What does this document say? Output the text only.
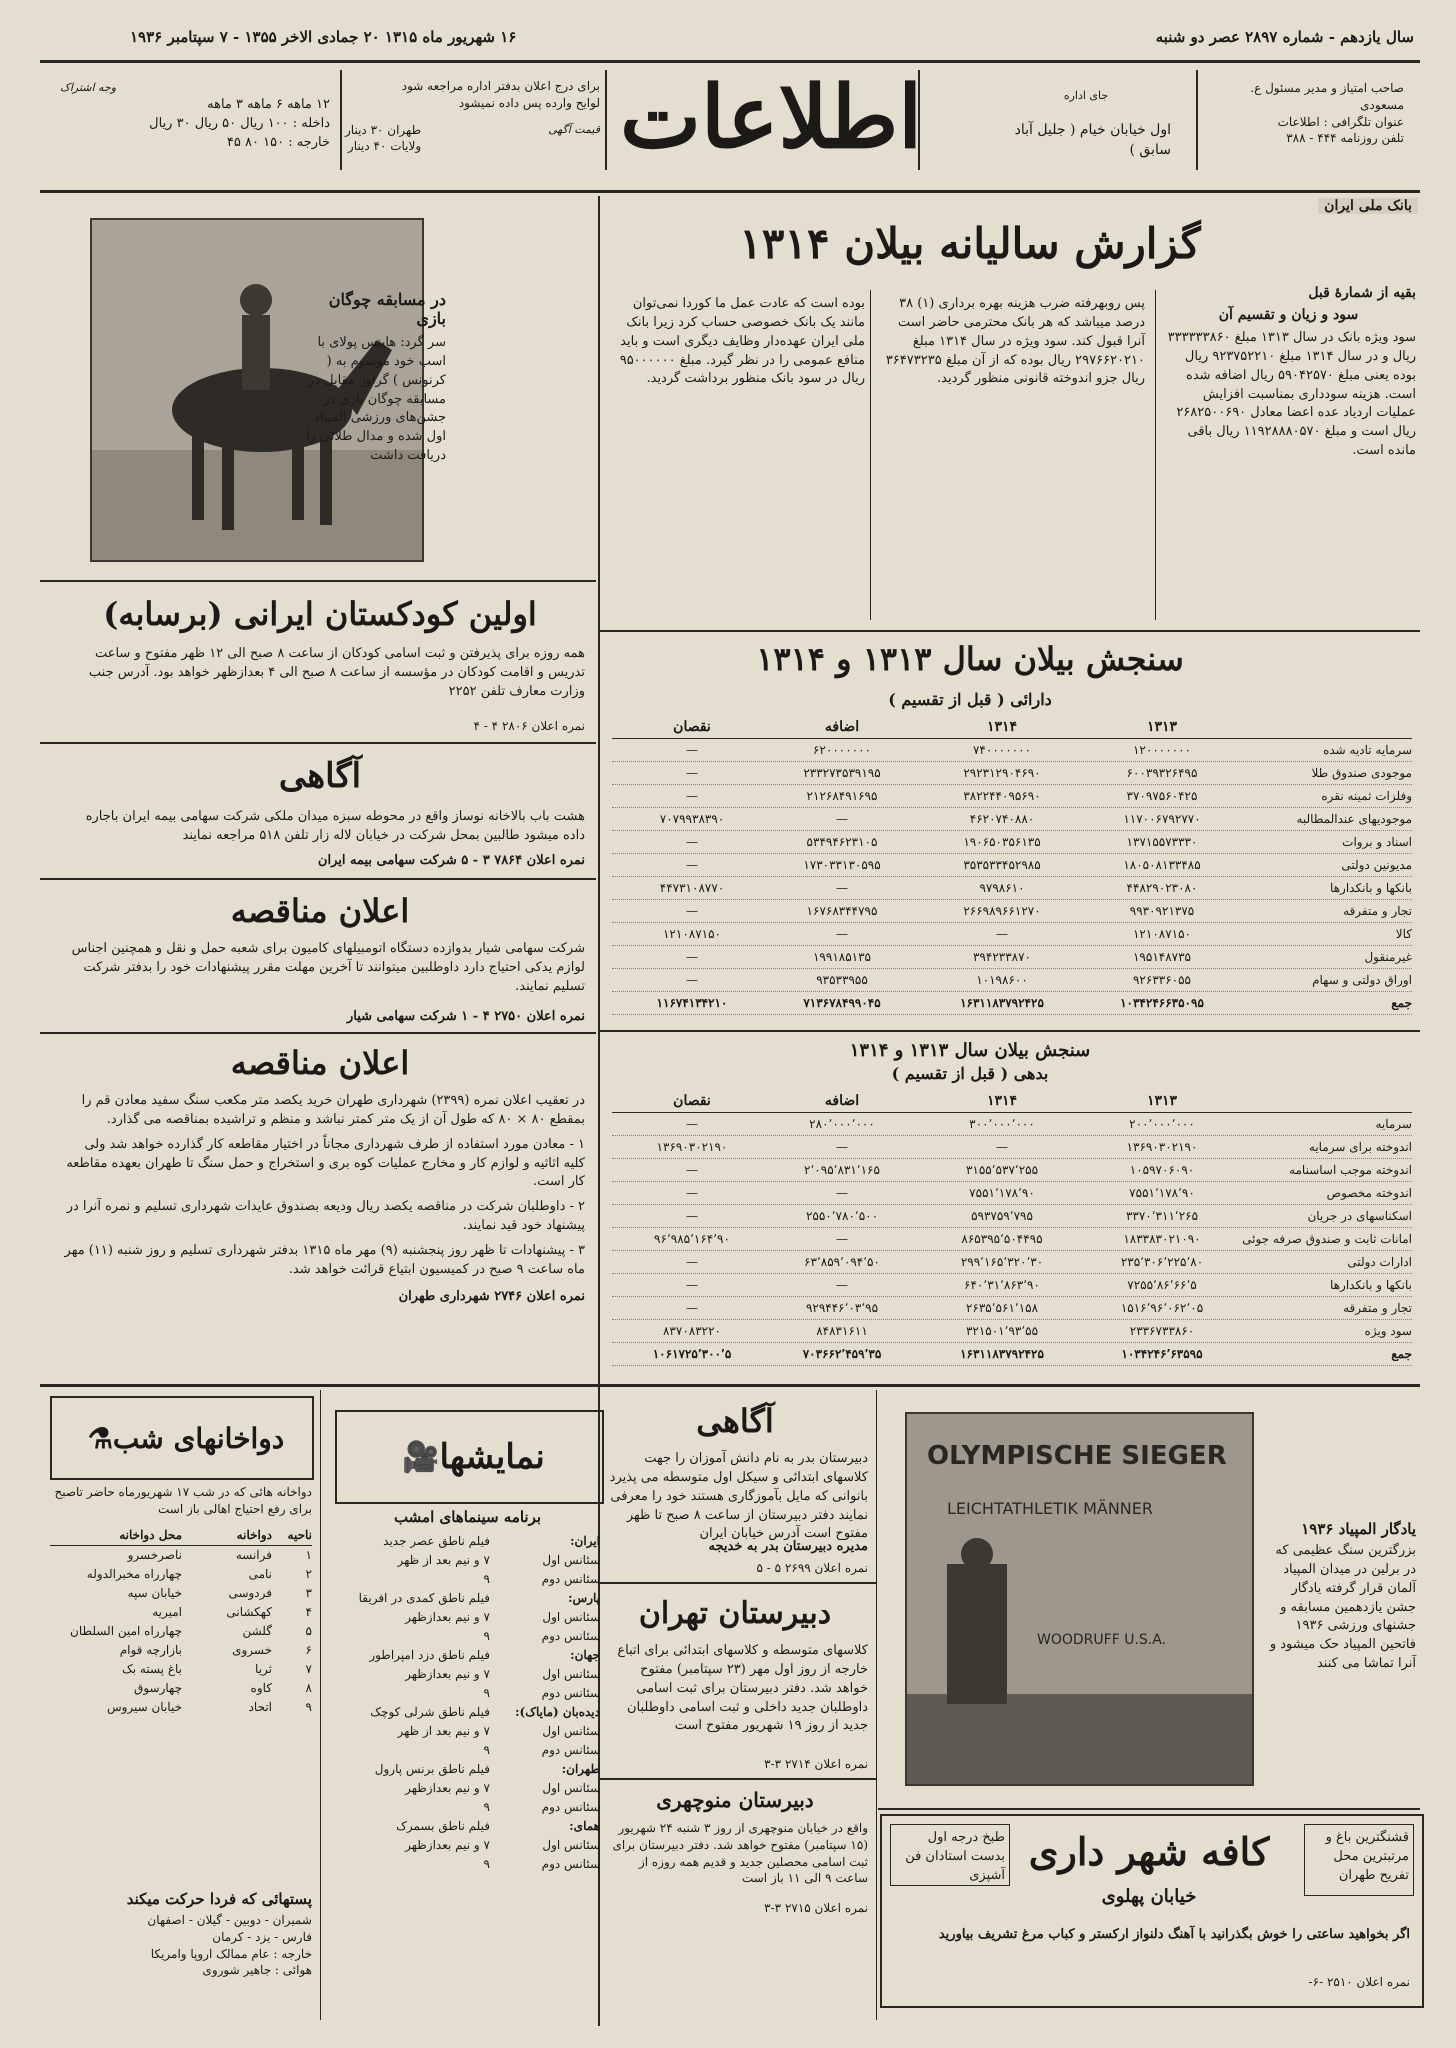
سال یازدهم - شماره ۲۸۹۷ عصر دو شنبه
۱۶ شهریور ماه ۱۳۱۵ ۲۰ جمادی الاخر ۱۳۵۵ - ۷ سپتامبر ۱۹۳۶
صاحب امتیاز و مدیر مسئول ع. مسعودی
عنوان تلگرافی : اطلاعات
تلفن روزنامه ۴۴۴ - ۳۸۸
جای اداره
اول خیابان خیام ( جلیل آباد سابق )
اطلاعات
برای درج اعلان بدفتر اداره مراجعه شود
لوایح وارده پس داده نمیشود
قیمت آگهی
طهران ۳۰ دینار
ولایات ۴۰ دینار
وجه اشتراک
۱۲ ماهه ۶ ماهه ۳ ماهه
داخله : ۱۰۰ ریال ۵۰ ریال ۳۰ ریال
خارجه : ۱۵۰ ۸۰ ۴۵
بانک ملی ایران
گزارش سالیانه بیلان ۱۳۱۴
بقیه از شمارهٔ قبل
سود و زیان و تقسیم آن
سود ویژه بانک در سال ۱۳۱۳ مبلغ ۳۳۳۳۳۳۸۶۰ ریال و در سال ۱۳۱۴ مبلغ ۹۲۳۷۵۲۲۱۰ ریال بوده یعنی مبلغ ۵۹۰۴۲۵۷۰ ریال اضافه شده است. هزینه سودداری بمناسبت افزایش عملیات اردیاد عده اعضا معادل ۲۶۸۲۵۰۰۶۹۰ ریال است و مبلغ ۱۱۹۲۸۸۸۰۵۷۰ ریال باقی مانده است.
پس روبهرفته ضرب هزینه بهره برداری (۱) ۳۸ درصد میباشد که هر بانک محترمی حاضر است آنرا قبول کند. سود ویژه در سال ۱۳۱۴ مبلغ ۲۹۷۶۶۲۰۲۱۰ ریال بوده که از آن مبلغ ۳۶۴۷۳۲۳۵ ریال جزو اندوخته قانونی منظور گردید.
بوده است که عادت عمل ما کوردا نمی‌توان مانند یک بانک خصوصی حساب کرد زیرا بانک ملی ایران عهده‌دار وظایف دیگری است و باید منافع عمومی را در نظر گیرد. مبلغ ۹۵۰۰۰۰۰۰ ریال در سود بانک منظور برداشت گردید.
در مسابقه چوگان بازی
سر گرد: هاینس پولای با اسب خود موسوم به ( کرنونس ) گراور مقابل در مسابقه چوگان بازی در جشن‌های ورزشی المپیاد اول شده و مدال طلائی را دریافت داشت
اولین کودکستان ایرانی (برسابه)
همه روزه برای پذیرفتن و ثبت اسامی کودکان از ساعت ۸ صبح الی ۱۲ ظهر مفتوح و ساعت تدریس و اقامت کودکان در مؤسسه از ساعت ۸ صبح الی ۴ بعدازظهر خواهد بود. آدرس جنب وزارت معارف تلفن ۲۲۵۲
نمره اعلان ۲۸۰۶ ۴ - ۴
آگاهی
هشت باب بالاخانه نوساز واقع در محوطه سبزه میدان ملکی شرکت سهامی بیمه ایران باجاره داده میشود طالبین بمحل شرکت در خیابان لاله زار تلفن ۵۱۸ مراجعه نمایند
نمره اعلان ۷۸۶۴ ۳ - ۵ شرکت سهامی بیمه ایران
اعلان مناقصه
شرکت سهامی شیار بدوازده دستگاه اتومبیلهای کامیون برای شعبه حمل و نقل و همچنین اجناس لوازم یدکی احتیاج دارد داوطلبین میتوانند تا آخرین مهلت مقرر پیشنهادات خود را بدفتر شرکت تسلیم نمایند.
نمره اعلان ۲۷۵۰ ۴ - ۱ شرکت سهامی شیار
اعلان مناقصه
در تعقیب اعلان نمره (۲۳۹۹) شهرداری طهران خرید یکصد متر مکعب سنگ سفید معادن قم را بمقطع ۸۰ × ۸۰ که طول آن از یک متر کمتر نباشد و منظم و تراشیده بمناقصه می گذارد.
۱ - معادن مورد استفاده از طرف شهرداری مجاناً در اختیار مقاطعه کار گذارده خواهد شد ولی کلیه اثاثیه و لوازم کار و مخارج عملیات کوه بری و استخراج و حمل سنگ تا طهران بعهده مقاطعه کار است.
۲ - داوطلبان شرکت در مناقصه یکصد ریال ودیعه بصندوق عایدات شهرداری تسلیم و نمره آنرا در پیشنهاد خود قید نمایند.
۳ - پیشنهادات تا ظهر روز پنجشنبه (۹) مهر ماه ۱۳۱۵ بدفتر شهرداری تسلیم و روز شنبه (۱۱) مهر ماه ساعت ۹ صبح در کمیسیون ابتیاع قرائت خواهد شد.
نمره اعلان ۲۷۴۶ شهرداری طهران
سنجش بیلان سال ۱۳۱۳ و ۱۳۱۴
دارائی ( قبل از تقسیم )
۱۳۱۳
۱۳۱۴
اضافه
نقصان
سرمایه تادیه شده
۱۲۰۰۰۰۰۰۰
۷۴۰۰۰۰۰۰۰
۶۲۰۰۰۰۰۰۰
—
موجودی صندوق طلا
۶۰۰۳۹۳۲۶۴۹۵
۲۹۲۳۱۲۹۰۴۶۹۰
۲۳۳۲۷۳۵۳۹۱۹۵
—
وفلزات ثمینه نقره
۳۷۰۹۷۵۶۰۴۲۵
۳۸۲۲۴۴۰۹۵۶۹۰
۲۱۲۶۸۴۹۱۶۹۵
—
موجودیهای عندالمطالبه
۱۱۷۰۰۶۷۹۲۷۷۰
۴۶۲۰۷۴۰۸۸۰
—
۷۰۷۹۹۳۸۳۹۰
اسناد و بروات
۱۳۷۱۵۵۷۳۳۳۰
۱۹۰۶۵۰۳۵۶۱۳۵
۵۳۴۹۴۶۲۳۱۰۵
—
مدیونین دولتی
۱۸۰۵۰۸۱۳۳۴۸۵
۳۵۳۵۳۳۴۵۲۹۸۵
۱۷۳۰۳۳۱۳۰۵۹۵
—
بانکها و بانکدارها
۴۴۸۲۹۰۲۳۰۸۰
۹۷۹۸۶۱۰
—
۴۴۷۳۱۰۸۷۷۰
تجار و متفرقه
۹۹۳۰۹۲۱۳۷۵
۲۶۶۹۸۹۶۶۱۲۷۰
۱۶۷۶۸۳۴۴۷۹۵
—
کالا
۱۲۱۰۸۷۱۵۰
—
—
۱۲۱۰۸۷۱۵۰
غیرمنقول
۱۹۵۱۴۸۷۳۵
۳۹۴۲۳۳۸۷۰
۱۹۹۱۸۵۱۳۵
—
اوراق دولتی و سهام
۹۲۶۳۳۶۰۵۵
۱۰۱۹۸۶۰۰
۹۳۵۳۳۹۵۵
—
جمع
۱۰۳۴۲۴۶۶۳۵۰۹۵
۱۶۳۱۱۸۳۷۹۲۴۲۵
۷۱۳۶۷۸۴۹۹۰۴۵
۱۱۶۷۴۱۳۴۲۱۰
سنجش بیلان سال ۱۳۱۳ و ۱۳۱۴
بدهی ( قبل از تقسیم )
۱۳۱۳
۱۳۱۴
اضافه
نقصان
سرمایه
۲۰۰٬۰۰۰٬۰۰۰
۳۰۰٬۰۰۰٬۰۰۰
۲۸۰٬۰۰۰٬۰۰۰
—
اندوخته برای سرمایه
۱۳۶۹۰۳۰۲۱۹۰
—
—
۱۳۶۹۰۳۰۲۱۹۰
اندوخته موجب اساسنامه
۱۰۵۹۷۰۶۰۹۰
۳۱۵۵٬۵۳۷٬۲۵۵
۲٬۰۹۵٬۸۳۱٬۱۶۵
—
اندوخته مخصوص
۷۵۵۱٬۱۷۸٬۹۰
۷۵۵۱٬۱۷۸٬۹۰
—
—
اسکناسهای در جریان
۳۳۷۰٬۳۱۱٬۲۶۵
۵۹۳۷۵۹٬۷۹۵
۲۵۵۰٬۷۸۰٬۵۰۰
—
امانات ثابت و صندوق صرفه جوئی
۱۸۳۳۸۳۰۲۱۰۹۰
۸۶۵۳۹۵٬۵۰۴۴۹۵
—
۹۶٬۹۸۵٬۱۶۴٬۹۰
ادارات دولتی
۲۳۵٬۳۰۶٬۲۲۵٬۸۰
۲۹۹٬۱۶۵٬۳۲۰٬۳۰
۶۳٬۸۵۹٬۰۹۴٬۵۰
—
بانکها و بانکدارها
۷۲۵۵٬۸۶٬۶۶٬۵
۶۴۰٬۳۱٬۸۶۳٬۹۰
—
—
تجار و متفرقه
۱۵۱۶٬۹۶٬۰۶۲٬۰۵
۲۶۳۵٬۵۶۱٬۱۵۸
۹۲۹۴۴۶٬۰۳٬۹۵
—
سود ویژه
۲۳۳۶۷۳۳۸۶۰
۳۲۱۵۰۱٬۹۳٬۵۵
۸۴۸۳۱۶۱۱
۸۳۷۰۸۳۲۲۰
جمع
۱۰۳۴۲۴۶٬۶۳۵۹۵
۱۶۳۱۱۸۳۷۹۲۴۲۵
۷۰۳۶۶۲٬۴۵۹٬۳۵
۱۰۶۱۷۲۵٬۳۰۰٬۵
⚗ دواخانهای شب
دواخانه هائی که در شب ۱۷ شهریورماه حاضر تاصبح برای رفع احتیاج اهالی باز است
ناحیه
دواخانه
محل دواخانه
۱
فرانسه
ناصرخسرو
۲
نامی
چهارراه مخبرالدوله
۳
فردوسی
خیابان سپه
۴
کهکشانی
امیریه
۵
گلشن
چهارراه امین السلطان
۶
خسروی
بازارچه قوام
۷
ثریا
باغ پسته بک
۸
کاوه
چهارسوق
۹
اتحاد
خیابان سیروس
پستهائی که فردا حرکت میکند
شمیران - دوبین - گیلان - اصفهان
فارس - یزد - کرمان
خارجه : عام ممالک اروپا وامریکا
هوائی : جاهیر شوروی
🎥 نمایشها
برنامه سینماهای امشب
ایران:
فیلم ناطق عصر جدید
سئانس اول
۷ و نیم بعد از ظهر
سئانس دوم
۹
پارس:
فیلم ناطق کمدی در افریقا
سئانس اول
۷ و نیم بعدازظهر
سئانس دوم
۹
جهان:
فیلم ناطق دزد امپراطور
سئانس اول
۷ و نیم بعدازظهر
سئانس دوم
۹
دیده‌بان (مایاک):
فیلم ناطق شرلی کوچک
سئانس اول
۷ و نیم بعد از ظهر
سئانس دوم
۹
طهران:
فیلم ناطق برنس پارول
سئانس اول
۷ و نیم بعدازظهر
سئانس دوم
۹
همای:
فیلم ناطق بسمرک
سئانس اول
۷ و نیم بعدازظهر
سئانس دوم
۹
آگاهی
دبیرستان بدر به نام دانش آموزان را جهت کلاسهای ابتدائی و سیکل اول متوسطه می پذیرد بانوانی که مایل بآموزگاری هستند خود را معرفی نمایند دفتر دبیرستان از ساعت ۸ صبح تا ظهر مفتوح است آدرس خیابان ایران
مدیره دبیرستان بدر به خدیجه
نمره اعلان ۲۶۹۹ ۵ - ۵
دبیرستان تهران
کلاسهای متوسطه و کلاسهای ابتدائی برای اتباع خارجه از روز اول مهر (۲۳ سپتامبر) مفتوح خواهد شد. دفتر دبیرستان برای ثبت اسامی داوطلبان جدید داخلی و ثبت اسامی داوطلبان جدید از روز ۱۹ شهریور مفتوح است
نمره اعلان ۲۷۱۴ ۳-۳
دبیرستان منوچهری
واقع در خیابان منوچهری از روز ۳ شنبه ۲۴ شهریور (۱۵ سپتامبر) مفتوح خواهد شد. دفتر دبیرستان برای ثبت اسامی محصلین جدید و قدیم همه روزه از ساعت ۹ الی ۱۱ باز است
نمره اعلان ۲۷۱۵ ۳-۳
OLYMPISCHE SIEGER
LEICHTATHLETIK MÄNNER
WOODRUFF U.S.A.
یادگار المپیاد ۱۹۳۶
بزرگترین سنگ عظیمی که در برلین در میدان المپیاد آلمان قرار گرفته یادگار جشن یازدهمین مسابقه و جشنهای ورزشی ۱۹۳۶ فاتحین المپیاد حک میشود و آنرا تماشا می کنند
طبخ درجه اول بدست استادان فن آشپزی
قشنگترین باغ و مرتبترین محل تفریح طهران
کافه شهر داری
خیابان پهلوی
اگر بخواهید ساعتی را خوش بگذرانید با آهنگ دلنواز ارکستر و کباب مرغ تشریف بیاورید
نمره اعلان ۲۵۱۰ -۶-
